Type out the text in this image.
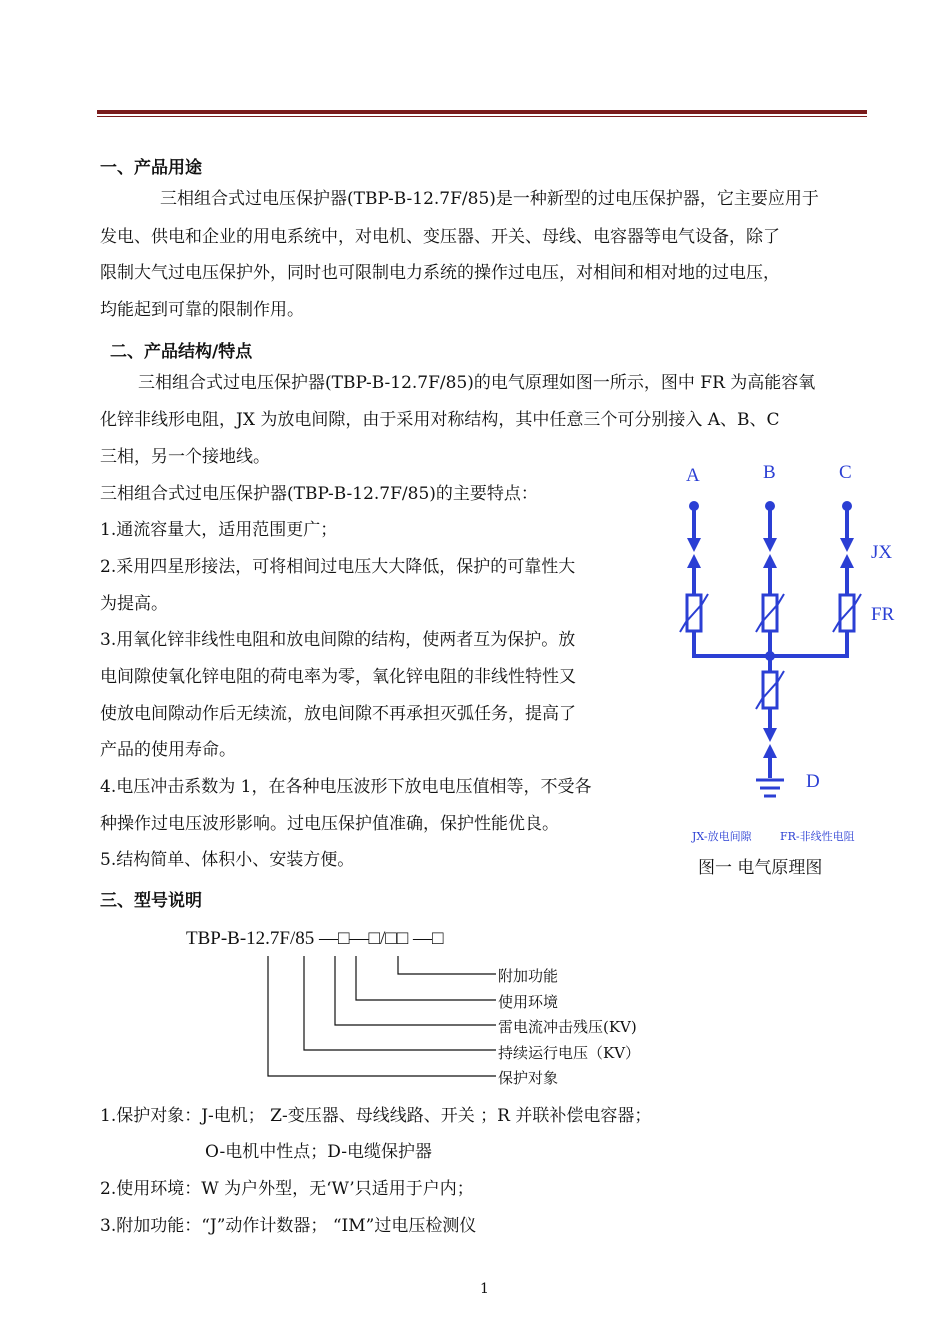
一、产品用途
三相组合式过电压保护器(TBP-B-12.7F/85)是一种新型的过电压保护器，它主要应用于
发电、供电和企业的用电系统中，对电机、变压器、开关、母线、电容器等电气设备，除了
限制大气过电压保护外，同时也可限制电力系统的操作过电压，对相间和相对地的过电压，
均能起到可靠的限制作用。
二、产品结构/特点
三相组合式过电压保护器(TBP-B-12.7F/85)的电气原理如图一所示，图中 FR 为高能容氧
化锌非线形电阻，JX 为放电间隙，由于采用对称结构，其中任意三个可分别接入 A、B、C
三相，另一个接地线。
三相组合式过电压保护器(TBP-B-12.7F/85)的主要特点：
1.通流容量大，适用范围更广；
2.采用四星形接法，可将相间过电压大大降低，保护的可靠性大
为提高。
3.用氧化锌非线性电阻和放电间隙的结构，使两者互为保护。放
电间隙使氧化锌电阻的荷电率为零，氧化锌电阻的非线性特性又
使放电间隙动作后无续流，放电间隙不再承担灭弧任务，提高了
产品的使用寿命。
4.电压冲击系数为 1，在各种电压波形下放电电压值相等，不受各
种操作过电压波形影响。过电压保护值准确，保护性能优良。
5.结构简单、体积小、安装方便。
A	B	C
JX
FR
D
JX-放电间隙	FR-非线性电阻
图一 电气原理图
三、型号说明
TBP-B-12.7F/85 —□—□/□□ —□
附加功能
使用环境
雷电流冲击残压(KV)
持续运行电压（KV）
保护对象
1.保护对象：J-电机； Z-变压器、母线线路、开关 ；R 并联补偿电容器；
O-电机中性点；D-电缆保护器
2.使用环境：W 为户外型，无‘W’只适用于户内；
3.附加功能：“J”动作计数器； “IM”过电压检测仪
1
